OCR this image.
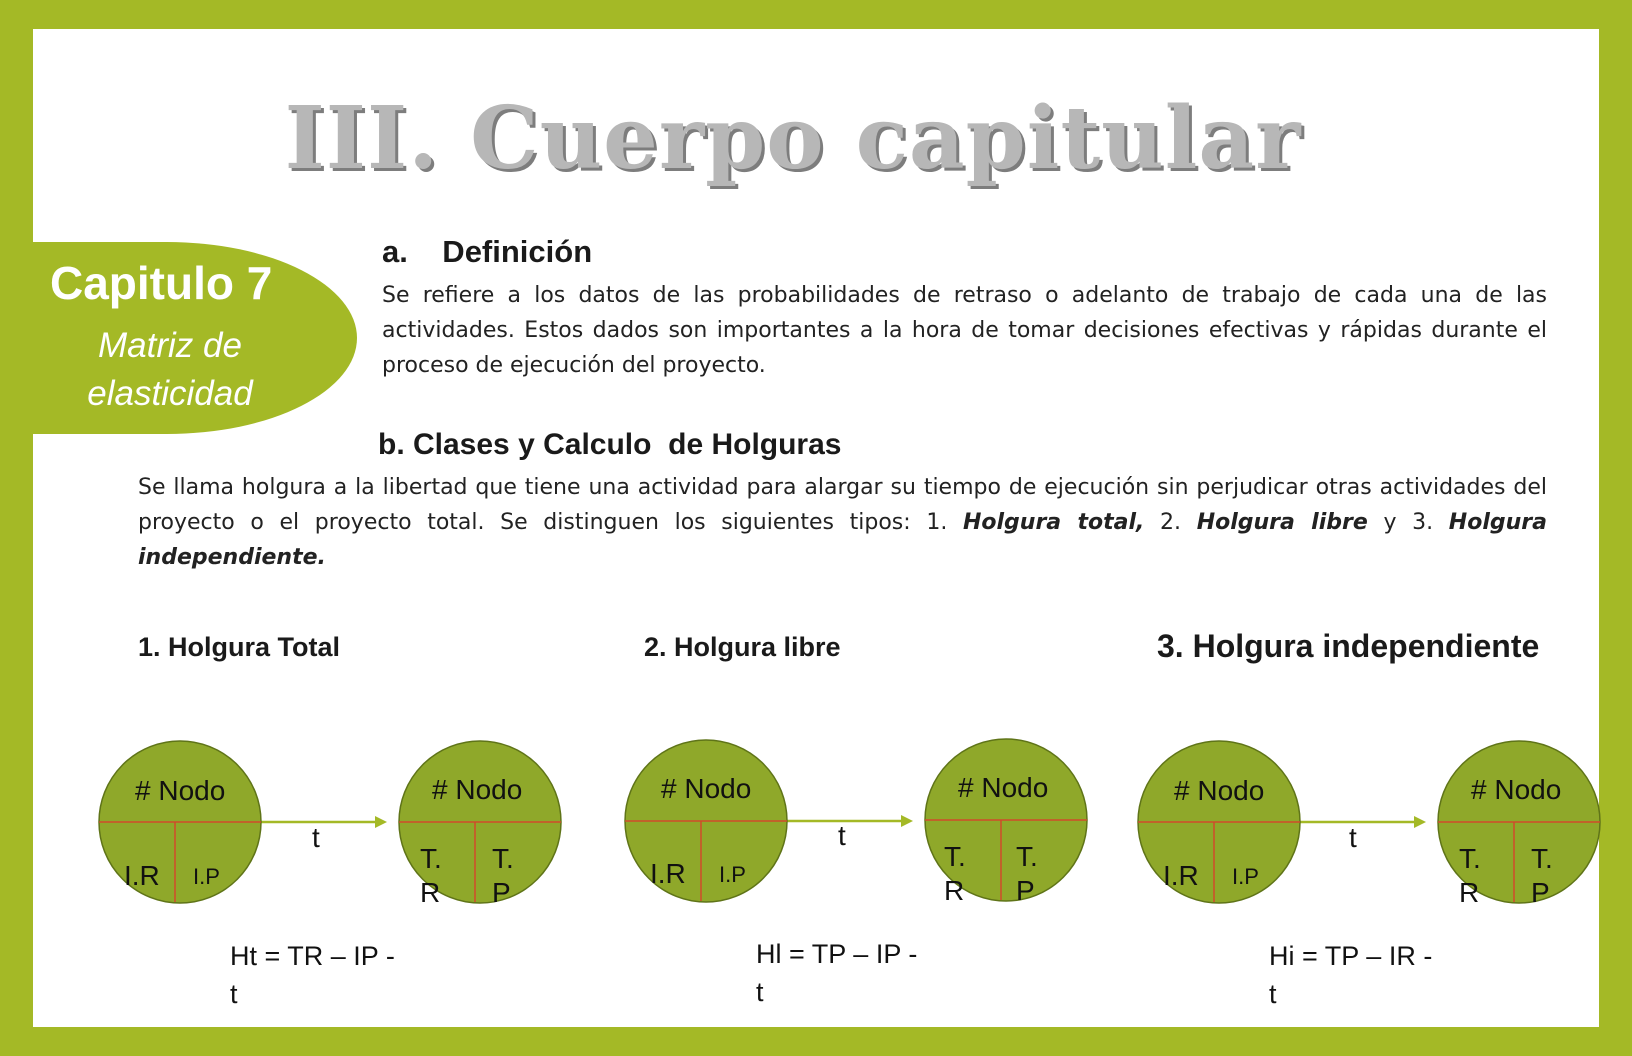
III. Cuerpo capitular
Capitulo 7
Matriz de
elasticidad
a.    Definición
Se refiere a los datos de las probabilidades de retraso o adelanto de trabajo de cada una de las actividades. Estos dados son importantes a la hora de tomar decisiones efectivas y rápidas durante el proceso de ejecución del proyecto.
b. Clases y Calculo  de Holguras
Se llama holgura a la libertad que tiene una actividad para alargar su tiempo de ejecución sin perjudicar otras actividades del proyecto o el proyecto total. Se distinguen los siguientes tipos: 1. Holgura total, 2. Holgura libre y 3. Holgura independiente.
1. Holgura Total	2. Holgura libre	3. Holgura independiente
# Nodo
I.R I.P
t
# Nodo
T.
R
T.
P
Ht = TR – IP -
t
# Nodo
I.R I.P
t
# Nodo
T.
R
T.
P
Hl = TP – IP -
t
# Nodo
I.R I.P
t
# Nodo
T.
R
T.
P
Hi = TP – IR -
t
